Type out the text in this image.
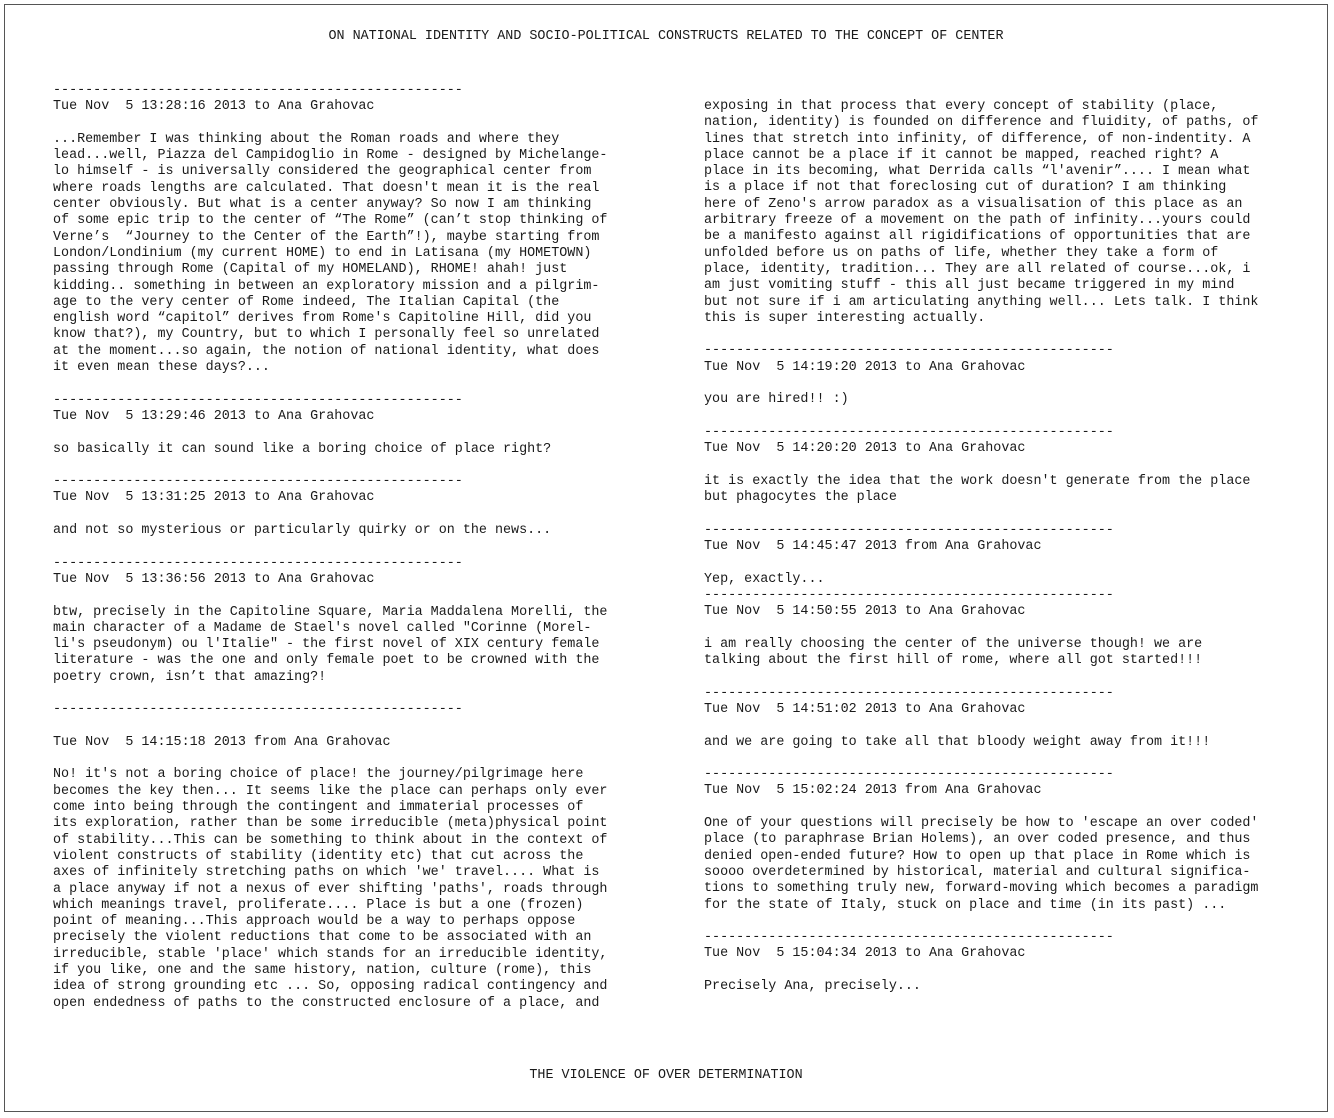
ON NATIONAL IDENTITY AND SOCIO-POLITICAL CONSTRUCTS RELATED TO THE CONCEPT OF CENTER

---------------------------------------------------
Tue Nov  5 13:28:16 2013 to Ana Grahovac

...Remember I was thinking about the Roman roads and where they
lead...well, Piazza del Campidoglio in Rome - designed by Michelange-
lo himself - is universally considered the geographical center from
where roads lengths are calculated. That doesn't mean it is the real
center obviously. But what is a center anyway? So now I am thinking
of some epic trip to the center of “The Rome” (can’t stop thinking of
Verne’s  “Journey to the Center of the Earth”!), maybe starting from
London/Londinium (my current HOME) to end in Latisana (my HOMETOWN)
passing through Rome (Capital of my HOMELAND), RHOME! ahah! just
kidding.. something in between an exploratory mission and a pilgrim-
age to the very center of Rome indeed, The Italian Capital (the
english word “capitol” derives from Rome's Capitoline Hill, did you
know that?), my Country, but to which I personally feel so unrelated
at the moment...so again, the notion of national identity, what does
it even mean these days?...

---------------------------------------------------
Tue Nov  5 13:29:46 2013 to Ana Grahovac

so basically it can sound like a boring choice of place right?

---------------------------------------------------
Tue Nov  5 13:31:25 2013 to Ana Grahovac

and not so mysterious or particularly quirky or on the news...

---------------------------------------------------
Tue Nov  5 13:36:56 2013 to Ana Grahovac

btw, precisely in the Capitoline Square, Maria Maddalena Morelli, the
main character of a Madame de Stael's novel called "Corinne (Morel-
li's pseudonym) ou l'Italie" - the first novel of XIX century female
literature - was the one and only female poet to be crowned with the
poetry crown, isn’t that amazing?!

---------------------------------------------------

Tue Nov  5 14:15:18 2013 from Ana Grahovac

No! it's not a boring choice of place! the journey/pilgrimage here
becomes the key then... It seems like the place can perhaps only ever
come into being through the contingent and immaterial processes of
its exploration, rather than be some irreducible (meta)physical point
of stability...This can be something to think about in the context of
violent constructs of stability (identity etc) that cut across the
axes of infinitely stretching paths on which 'we' travel.... What is
a place anyway if not a nexus of ever shifting 'paths', roads through
which meanings travel, proliferate.... Place is but a one (frozen)
point of meaning...This approach would be a way to perhaps oppose
precisely the violent reductions that come to be associated with an
irreducible, stable 'place' which stands for an irreducible identity,
if you like, one and the same history, nation, culture (rome), this
idea of strong grounding etc ... So, opposing radical contingency and
open endedness of paths to the constructed enclosure of a place, and

exposing in that process that every concept of stability (place,
nation, identity) is founded on difference and fluidity, of paths, of
lines that stretch into infinity, of difference, of non-indentity. A
place cannot be a place if it cannot be mapped, reached right? A
place in its becoming, what Derrida calls “l'avenir”.... I mean what
is a place if not that foreclosing cut of duration? I am thinking
here of Zeno's arrow paradox as a visualisation of this place as an
arbitrary freeze of a movement on the path of infinity...yours could
be a manifesto against all rigidifications of opportunities that are
unfolded before us on paths of life, whether they take a form of
place, identity, tradition... They are all related of course...ok, i
am just vomiting stuff - this all just became triggered in my mind
but not sure if i am articulating anything well... Lets talk. I think
this is super interesting actually.

---------------------------------------------------
Tue Nov  5 14:19:20 2013 to Ana Grahovac

you are hired!! :)

---------------------------------------------------
Tue Nov  5 14:20:20 2013 to Ana Grahovac

it is exactly the idea that the work doesn't generate from the place
but phagocytes the place

---------------------------------------------------
Tue Nov  5 14:45:47 2013 from Ana Grahovac

Yep, exactly...
---------------------------------------------------
Tue Nov  5 14:50:55 2013 to Ana Grahovac

i am really choosing the center of the universe though! we are
talking about the first hill of rome, where all got started!!!

---------------------------------------------------
Tue Nov  5 14:51:02 2013 to Ana Grahovac

and we are going to take all that bloody weight away from it!!!

---------------------------------------------------
Tue Nov  5 15:02:24 2013 from Ana Grahovac

One of your questions will precisely be how to 'escape an over coded'
place (to paraphrase Brian Holems), an over coded presence, and thus
denied open-ended future? How to open up that place in Rome which is
soooo overdetermined by historical, material and cultural significa-
tions to something truly new, forward-moving which becomes a paradigm
for the state of Italy, stuck on place and time (in its past) ...

---------------------------------------------------
Tue Nov  5 15:04:34 2013 to Ana Grahovac

Precisely Ana, precisely...

THE VIOLENCE OF OVER DETERMINATION
